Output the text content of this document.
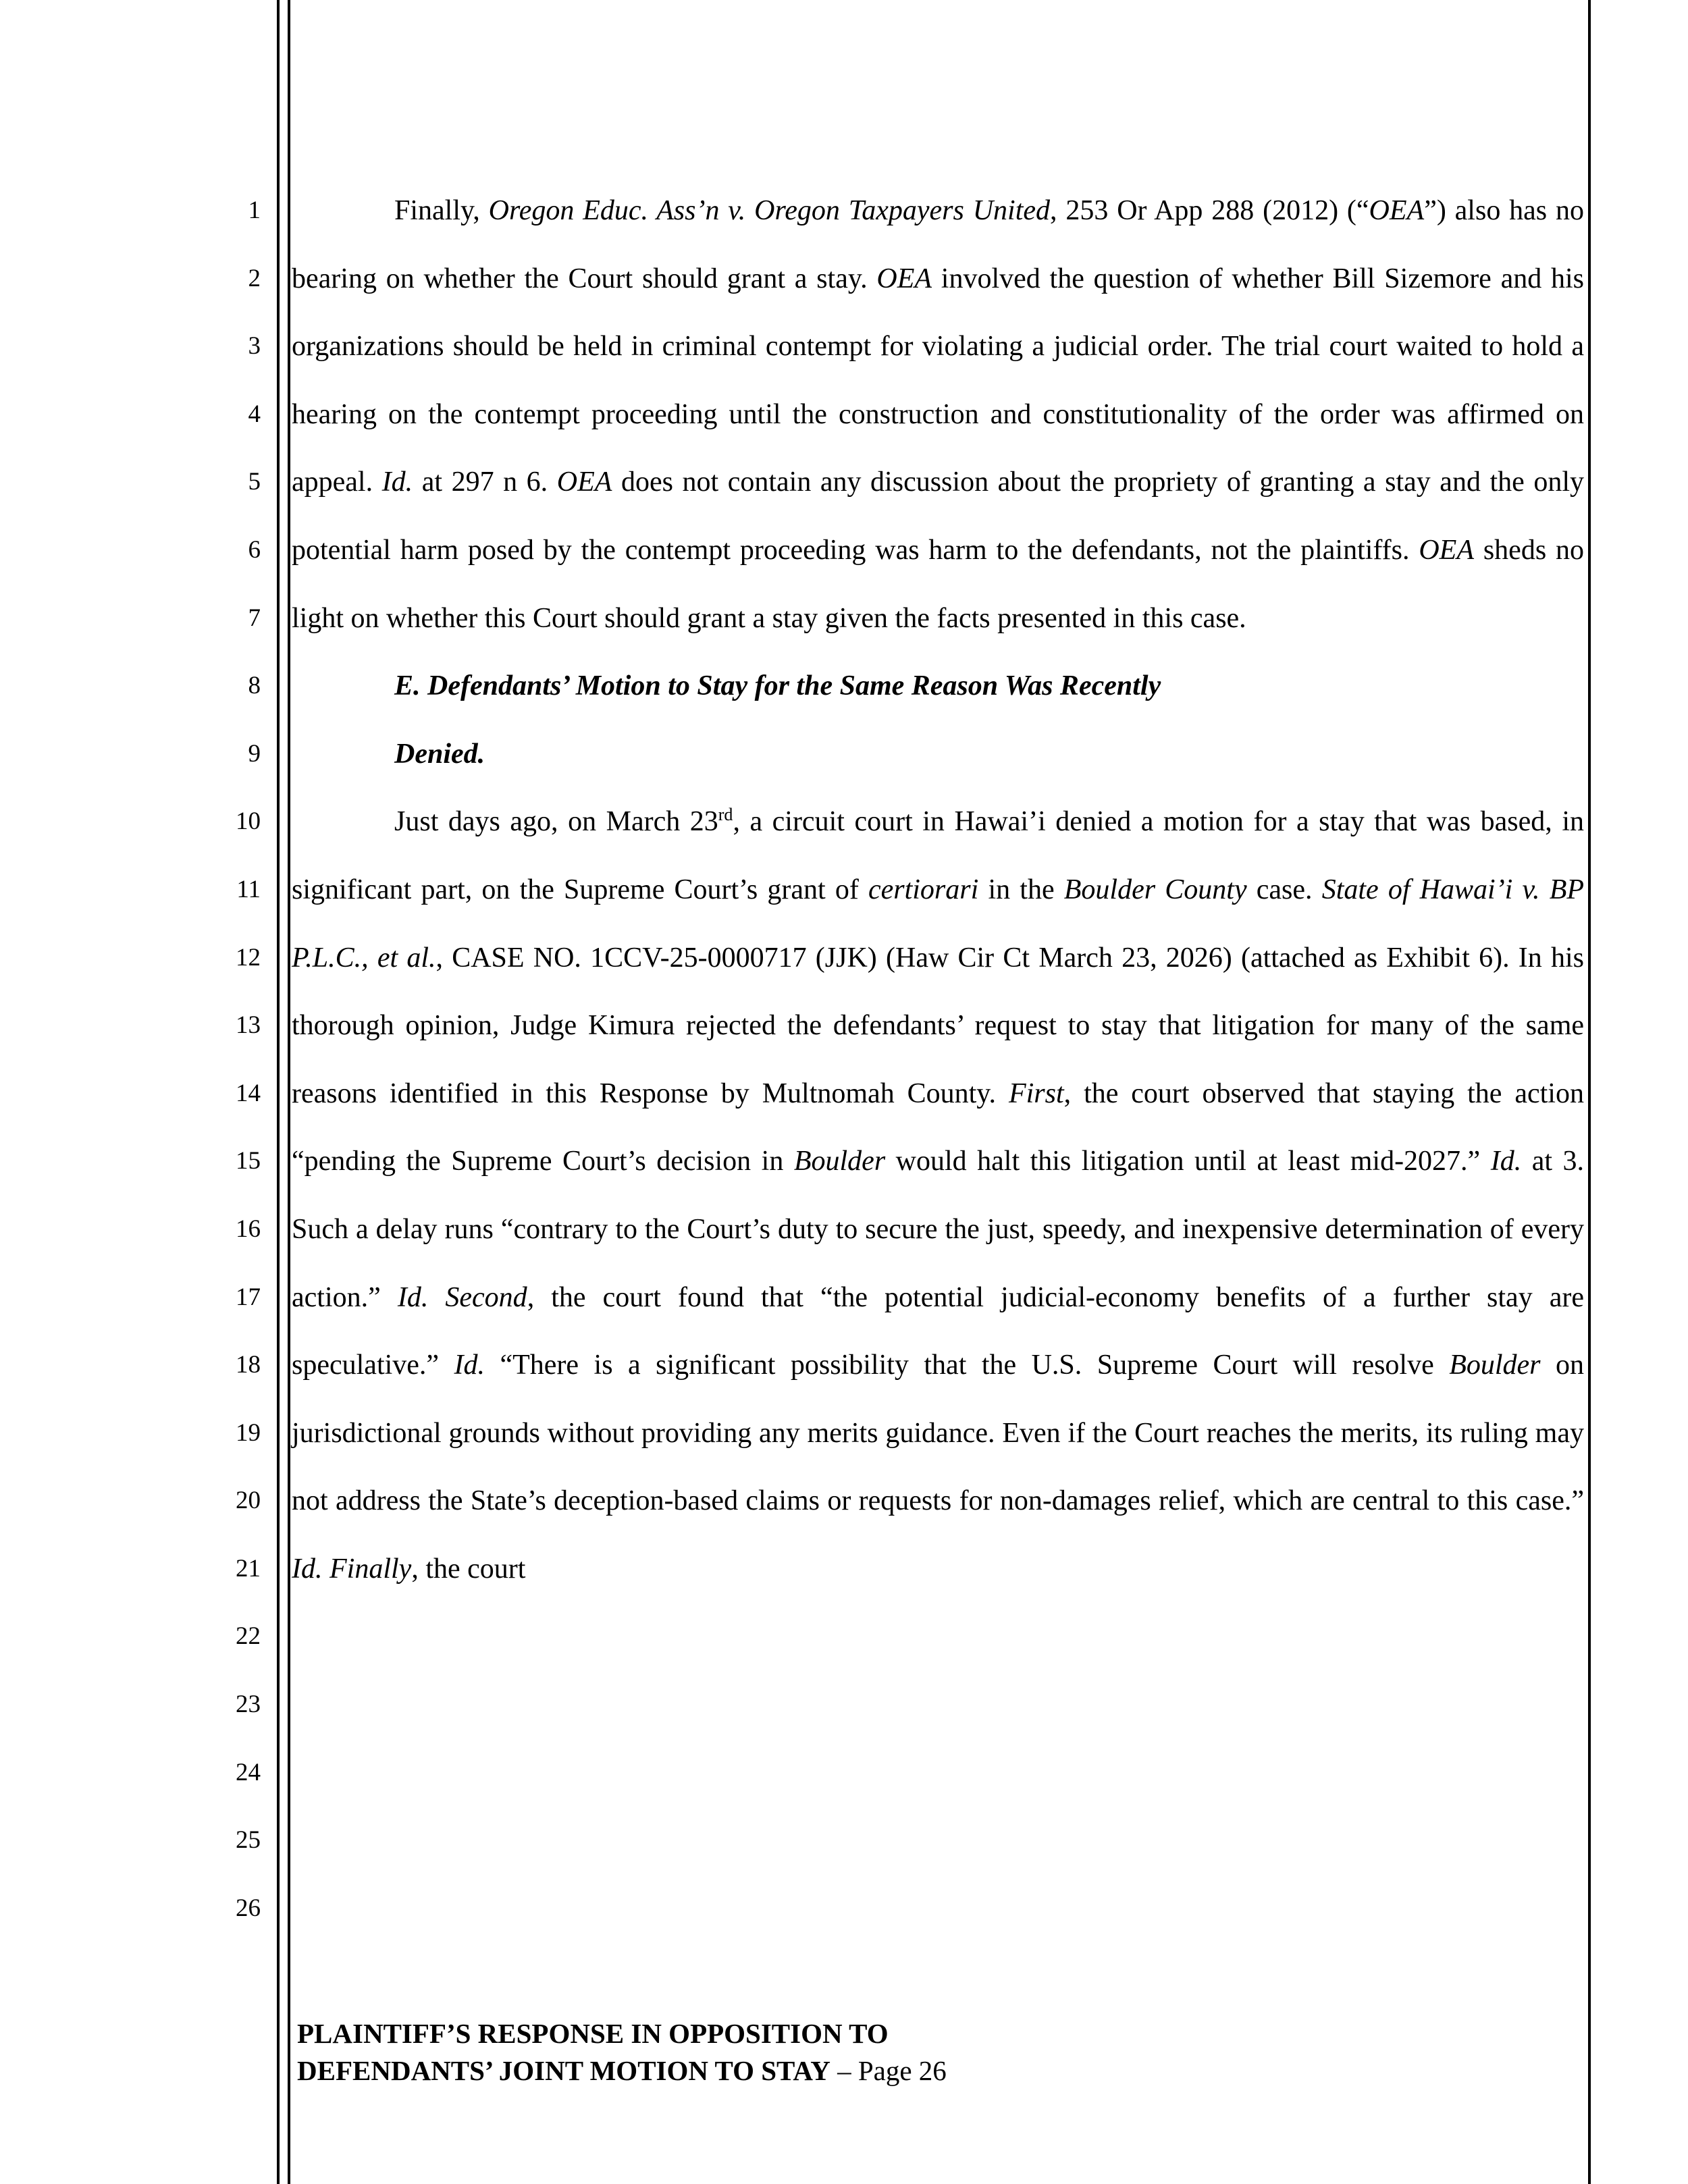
1
2
3
4
5
6
7
8
9
10
11
12
13
14
15
16
17
18
19
20
21
22
23
24
25
26

Finally, Oregon Educ. Ass’n v. Oregon Taxpayers United, 253 Or App 288 (2012) (“OEA”) also has no bearing on whether the Court should grant a stay. OEA involved the question of whether Bill Sizemore and his organizations should be held in criminal contempt for violating a judicial order. The trial court waited to hold a hearing on the contempt proceeding until the construction and constitutionality of the order was affirmed on appeal. Id. at 297 n 6. OEA does not contain any discussion about the propriety of granting a stay and the only potential harm posed by the contempt proceeding was harm to the defendants, not the plaintiffs. OEA sheds no light on whether this Court should grant a stay given the facts presented in this case.

E. Defendants’ Motion to Stay for the Same Reason Was Recently
Denied.

Just days ago, on March 23rd, a circuit court in Hawai’i denied a motion for a stay that was based, in significant part, on the Supreme Court’s grant of certiorari in the Boulder County case. State of Hawai’i v. BP P.L.C., et al., CASE NO. 1CCV-25-0000717 (JJK) (Haw Cir Ct March 23, 2026) (attached as Exhibit 6). In his thorough opinion, Judge Kimura rejected the defendants’ request to stay that litigation for many of the same reasons identified in this Response by Multnomah County. First, the court observed that staying the action “pending the Supreme Court’s decision in Boulder would halt this litigation until at least mid-2027.” Id. at 3. Such a delay runs “contrary to the Court’s duty to secure the just, speedy, and inexpensive determination of every action.” Id. Second, the court found that “the potential judicial-economy benefits of a further stay are speculative.” Id. “There is a significant possibility that the U.S. Supreme Court will resolve Boulder on jurisdictional grounds without providing any merits guidance. Even if the Court reaches the merits, its ruling may not address the State’s deception-based claims or requests for non-damages relief, which are central to this case.” Id. Finally, the court

PLAINTIFF’S RESPONSE IN OPPOSITION TO
DEFENDANTS’ JOINT MOTION TO STAY – Page 26
